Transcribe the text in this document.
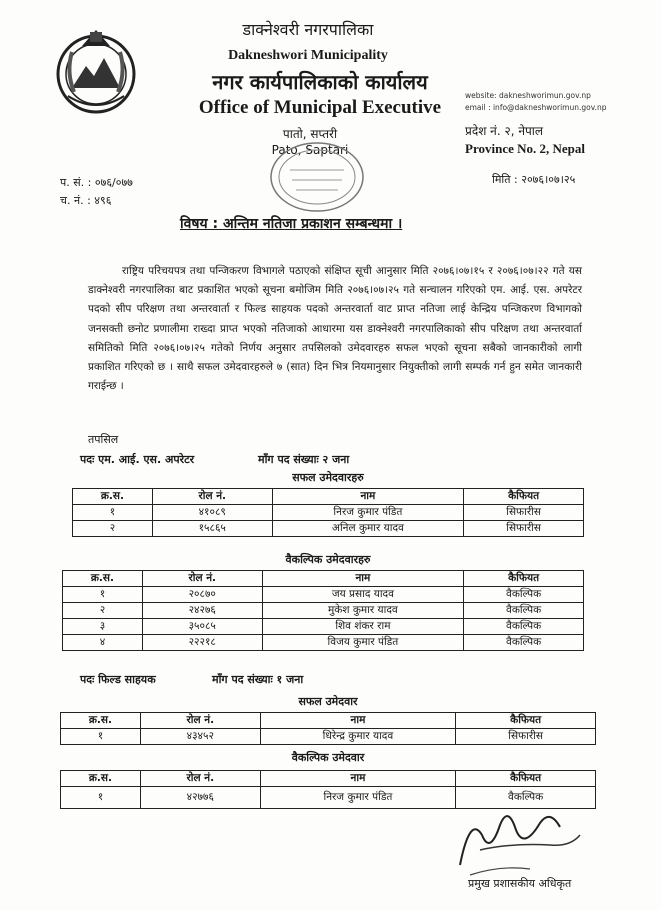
डाक्नेश्वरी नगरपालिका
Dakneshwori Municipality
नगर कार्यपालिकाको कार्यालय
Office of Municipal Executive
पातो, सप्तरी
Pato, Saptari
website: dakneshworimun.gov.np
email : info@dakneshworimun.gov.np
प्रदेश नं. २, नेपाल
Province No. 2, Nepal
प. सं. : ०७६/०७७
च. नं. : ४९६
मिति : २०७६।०७।२५
विषय : अन्तिम नतिजा प्रकाशन सम्बन्धमा ।
राष्ट्रिय परिचयपत्र तथा पन्जिकरण विभागले पठाएको संक्षिप्त सूची आनुसार मिति २०७६।०७।१५ र २०७६।०७।२२ गते यस डाक्नेश्वरी नगरपालिका बाट प्रकाशित भएको सूचना बमोजिम मिति २०७६।०७।२५ गते सन्चालन गरिएको एम. आई. एस. अपरेटर पदको सीप परिक्षण तथा अन्तरवार्ता र फिल्ड साहयक पदको अन्तरवार्ता वाट प्राप्त नतिजा लाई केन्द्रिय पन्जिकरण विभागको जनसक्ती छनोट प्रणालीमा राख्दा प्राप्त भएको नतिजाको आधारमा यस डाक्नेश्वरी नगरपालिकाको सीप परिक्षण तथा अन्तरवार्ता समितिको मिति २०७६।०७।२५ गतेको निर्णय अनुसार तपसिलको उमेदवारहरु सफल भएको सूचना सबैको जानकारीको लागी प्रकाशित गरिएको छ । साथै सफल उमेदवारहरुले ७ (सात) दिन भित्र नियमानुसार नियुक्तीको लागी सम्पर्क गर्न हुन समेत जानकारी गराईन्छ ।
तपसिल
पदः एम. आई. एस. अपरेटर	माँग पद संख्याः २ जना
सफल उमेदवारहरु
क्र.स.	रोल नं.	नाम	कैफियत
१	४१०८९	निरज कुमार पंडित	सिफारीस
२	१५८६५	अनिल कुमार यादव	सिफारीस
वैकल्पिक उमेदवारहरु
क्र.स.	रोल नं.	नाम	कैफियत
१	२०८७०	जय प्रसाद यादव	वैकल्पिक
२	२४२७६	मुकेश कुमार यादव	वैकल्पिक
३	३५०८५	शिव शंकर राम	वैकल्पिक
४	२२२१८	विजय कुमार पंडित	वैकल्पिक
पदः फिल्ड साहयक	माँग पद संख्याः १ जना
सफल उमेदवार
क्र.स.	रोल नं.	नाम	कैफियत
१	४३४५२	धिरेन्द्र कुमार यादव	सिफारीस
वैकल्पिक उमेदवार
क्र.स.	रोल नं.	नाम	कैफियत
१	४२७७६	निरज कुमार पंडित	वैकल्पिक
प्रमुख प्रशासकीय अधिकृत
